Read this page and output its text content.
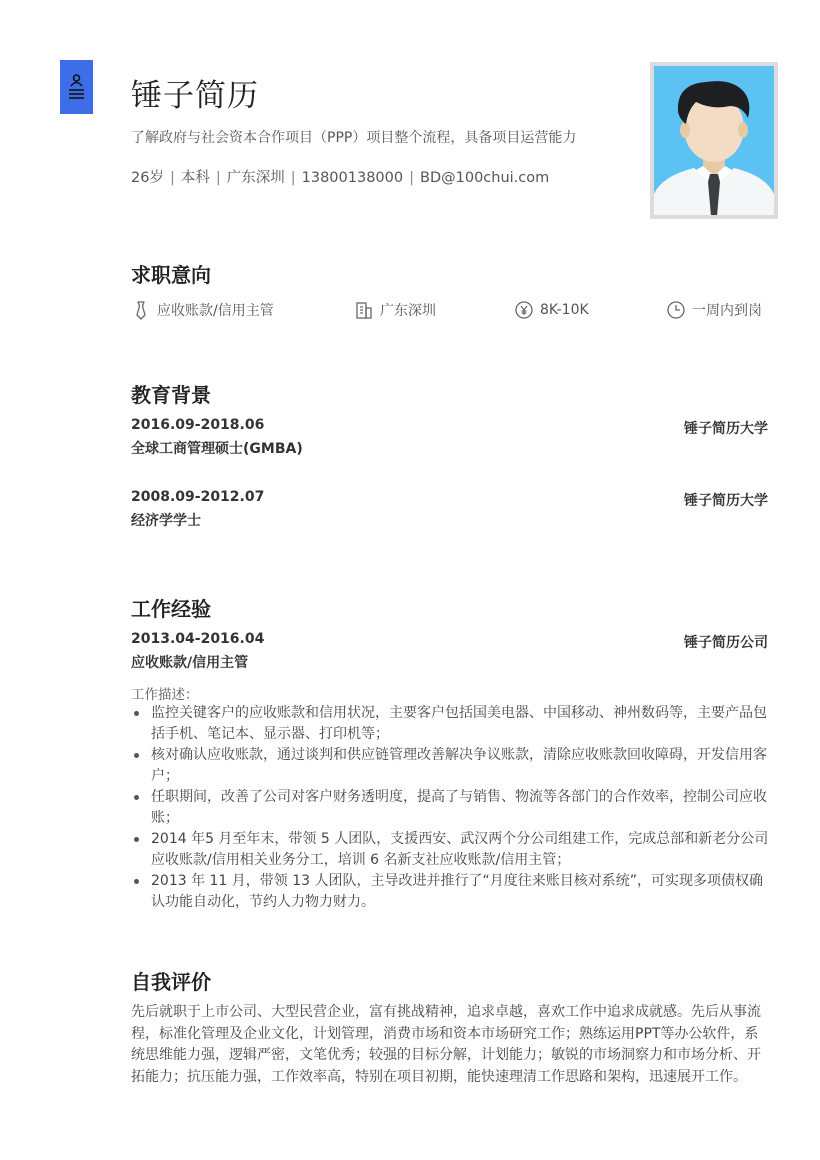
锤子简历
了解政府与社会资本合作项目（PPP）项目整个流程，具备项目运营能力
26岁 | 本科 | 广东深圳 | 13800138000 | BD@100chui.com
求职意向
应收账款/信用主管	广东深圳	8K-10K	一周内到岗
教育背景
2016.09-2018.06	锤子简历大学
全球工商管理硕士(GMBA)
2008.09-2012.07	锤子简历大学
经济学学士
工作经验
2013.04-2016.04	锤子简历公司
应收账款/信用主管
工作描述：
监控关键客户的应收账款和信用状况，主要客户包括国美电器、中国移动、神州数码等，主要产品包括手机、笔记本、显示器、打印机等；
核对确认应收账款，通过谈判和供应链管理改善解决争议账款，清除应收账款回收障碍，开发信用客户；
任职期间，改善了公司对客户财务透明度，提高了与销售、物流等各部门的合作效率，控制公司应收账；
2014 年5 月至年末，带领 5 人团队，支援西安、武汉两个分公司组建工作，完成总部和新老分公司应收账款/信用相关业务分工，培训 6 名新支社应收账款/信用主管；
2013 年 11 月，带领 13 人团队，主导改进并推行了“月度往来账目核对系统”，可实现多项债权确认功能自动化，节约人力物力财力。
自我评价
先后就职于上市公司、大型民营企业，富有挑战精神，追求卓越，喜欢工作中追求成就感。先后从事流程，标准化管理及企业文化，计划管理，消费市场和资本市场研究工作；熟练运用PPT等办公软件，系统思维能力强，逻辑严密，文笔优秀；较强的目标分解，计划能力；敏锐的市场洞察力和市场分析、开拓能力；抗压能力强，工作效率高，特别在项目初期，能快速理清工作思路和架构，迅速展开工作。
